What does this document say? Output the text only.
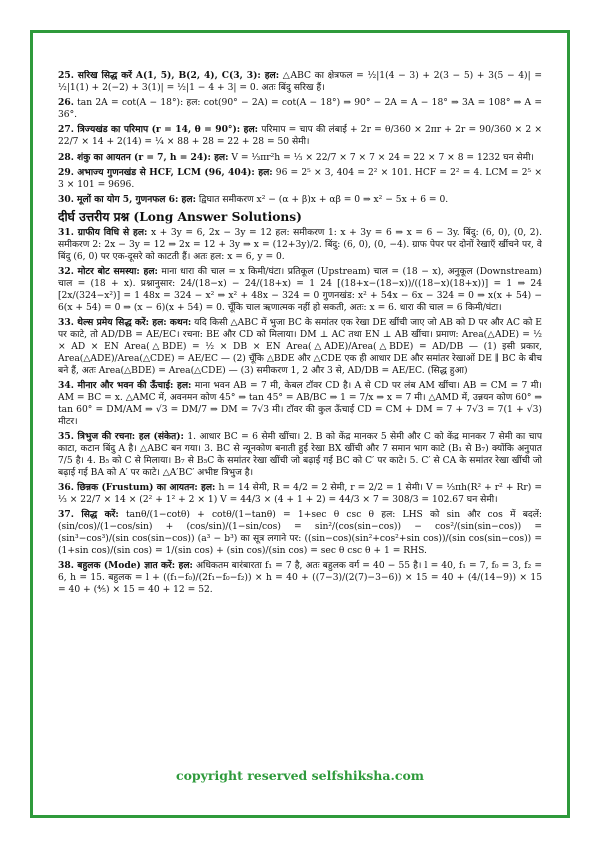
25. सरिख सिद्ध करें A(1, 5), B(2, 4), C(3, 3): हल: △ABC का क्षेत्रफल = ½|1(4 − 3) + 2(3 − 5) + 3(5 − 4)| = ½|1(1) + 2(−2) + 3(1)| = ½|1 − 4 + 3| = 0. अतः बिंदु सरिख हैं।
26. tan 2A = cot(A − 18°): हल: cot(90° − 2A) = cot(A − 18°) ⇒ 90° − 2A = A − 18° ⇒ 3A = 108° ⇒ A = 36°.
27. त्रिज्यखंड का परिमाप (r = 14, θ = 90°): हल: परिमाप = चाप की लंबाई + 2r = θ/360 × 2πr + 2r = 90/360 × 2 × 22/7 × 14 + 2(14) = ¼ × 88 + 28 = 22 + 28 = 50 सेमी।
28. शंकु का आयतन (r = 7, h = 24): हल: V = ⅓πr²h = ⅓ × 22/7 × 7 × 7 × 24 = 22 × 7 × 8 = 1232 घन सेमी।
29. अभाज्य गुणनखंड से HCF, LCM (96, 404): हल: 96 = 2⁵ × 3, 404 = 2² × 101. HCF = 2² = 4. LCM = 2⁵ × 3 × 101 = 9696.
30. मूलों का योग 5, गुणनफल 6: हल: द्विघात समीकरण x² − (α + β)x + αβ = 0 ⇒ x² − 5x + 6 = 0.
दीर्घ उत्तरीय प्रश्न (Long Answer Solutions)
31. ग्राफीय विधि से हल: x + 3y = 6, 2x − 3y = 12 हल: समीकरण 1: x + 3y = 6 ⇒ x = 6 − 3y. बिंदु: (6, 0), (0, 2). समीकरण 2: 2x − 3y = 12 ⇒ 2x = 12 + 3y ⇒ x = (12+3y)/2. बिंदु: (6, 0), (0, −4). ग्राफ पेपर पर दोनों रेखाएँ खींचने पर, वे बिंदु (6, 0) पर एक-दूसरे को काटती हैं। अतः हल: x = 6, y = 0.
32. मोटर बोट समस्या: हल: माना धारा की चाल = x किमी/घंटा। प्रतिकूल (Upstream) चाल = (18 − x), अनुकूल (Downstream) चाल = (18 + x). प्रश्नानुसार: 24/(18−x) − 24/(18+x) = 1 24 [(18+x−(18−x))/((18−x)(18+x))] = 1 ⇒ 24 [2x/(324−x²)] = 1 48x = 324 − x² ⇒ x² + 48x − 324 = 0 गुणनखंड: x² + 54x − 6x − 324 = 0 ⇒ x(x + 54) − 6(x + 54) = 0 ⇒ (x − 6)(x + 54) = 0. चूँकि चाल ऋणात्मक नहीं हो सकती, अतः: x = 6. धारा की चाल = 6 किमी/घंटा।
33. थेल्स प्रमेय सिद्ध करें: हल: कथन: यदि किसी △ABC में भुजा BC के समांतर एक रेखा DE खींची जाए जो AB को D पर और AC को E पर काटे, तो AD/DB = AE/EC। रचना: BE और CD को मिलाया। DM ⊥ AC तथा EN ⊥ AB खींचा। प्रमाण: Area(△ADE) = ½ × AD × EN Area(△BDE) = ½ × DB × EN Area(△ADE)/Area(△BDE) = AD/DB — (1) इसी प्रकार, Area(△ADE)/Area(△CDE) = AE/EC — (2) चूँकि △BDE और △CDE एक ही आधार DE और समांतर रेखाओं DE ∥ BC के बीच बने हैं, अतः Area(△BDE) = Area(△CDE) — (3) समीकरण 1, 2 और 3 से, AD/DB = AE/EC. (सिद्ध हुआ)
34. मीनार और भवन की ऊँचाई: हल: माना भवन AB = 7 मी, केबल टॉवर CD है। A से CD पर लंब AM खींचा। AB = CM = 7 मी। AM = BC = x. △AMC में, अवनमन कोण 45° ⇒ tan 45° = AB/BC ⇒ 1 = 7/x ⇒ x = 7 मी। △AMD में, उन्नयन कोण 60° ⇒ tan 60° = DM/AM ⇒ √3 = DM/7 ⇒ DM = 7√3 मी। टॉवर की कुल ऊँचाई CD = CM + DM = 7 + 7√3 = 7(1 + √3) मीटर।
35. त्रिभुज की रचना: हल (संकेत): 1. आधार BC = 6 सेमी खींचा। 2. B को केंद्र मानकर 5 सेमी और C को केंद्र मानकर 7 सेमी का चाप काटा, कटान बिंदु A है। △ABC बन गया। 3. BC से न्यूनकोण बनाती हुई रेखा BX खींची और 7 समान भाग काटे (B₁ से B₇) क्योंकि अनुपात 7/5 है। 4. B₅ को C से मिलाया। B₇ से B₅C के समांतर रेखा खींची जो बढ़ाई गई BC को C′ पर काटे। 5. C′ से CA के समांतर रेखा खींची जो बढ़ाई गई BA को A′ पर काटे। △A′BC′ अभीष्ट त्रिभुज है।
36. छिन्नक (Frustum) का आयतन: हल: h = 14 सेमी, R = 4/2 = 2 सेमी, r = 2/2 = 1 सेमी। V = ⅓πh(R² + r² + Rr) = ⅓ × 22/7 × 14 × (2² + 1² + 2 × 1) V = 44/3 × (4 + 1 + 2) = 44/3 × 7 = 308/3 = 102.67 घन सेमी।
37. सिद्ध करें: tanθ/(1−cotθ) + cotθ/(1−tanθ) = 1+sec θ csc θ हल: LHS को sin और cos में बदलें: (sin/cos)/(1−cos/sin) + (cos/sin)/(1−sin/cos) = sin²/(cos(sin−cos)) − cos²/(sin(sin−cos)) = (sin³−cos³)/(sin cos(sin−cos)) (a³ − b³) का सूत्र लगाने पर: ((sin−cos)(sin²+cos²+sin cos))/(sin cos(sin−cos)) = (1+sin cos)/(sin cos) = 1/(sin cos) + (sin cos)/(sin cos) = sec θ csc θ + 1 = RHS.
38. बहुलक (Mode) ज्ञात करें: हल: अधिकतम बारंबारता f₁ = 7 है, अतः बहुलक वर्ग = 40 − 55 है। l = 40, f₁ = 7, f₀ = 3, f₂ = 6, h = 15. बहुलक = l + ((f₁−f₀)/(2f₁−f₀−f₂)) × h = 40 + ((7−3)/(2(7)−3−6)) × 15 = 40 + (4/(14−9)) × 15 = 40 + (⅘) × 15 = 40 + 12 = 52.
copyright reserved selfshiksha.com
